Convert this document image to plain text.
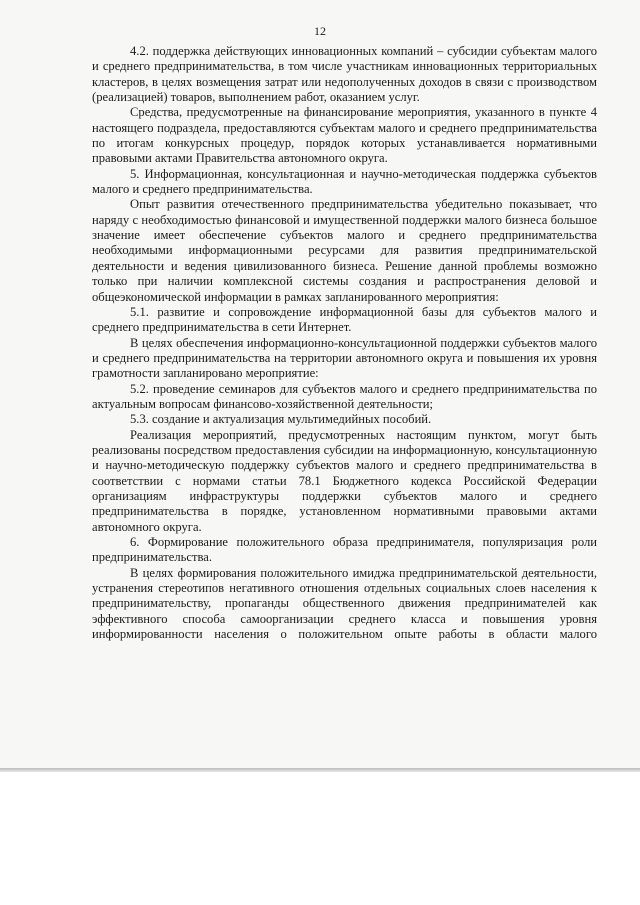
12

4.2. поддержка действующих инновационных компаний – субсидии субъектам малого и среднего предпринимательства, в том числе участникам инновационных территориальных кластеров, в целях возмещения затрат или недополученных доходов в связи с производством (реализацией) товаров, выполнением работ, оказанием услуг.

Средства, предусмотренные на финансирование мероприятия, указанного в пункте 4 настоящего подраздела, предоставляются субъектам малого и среднего предпринимательства по итогам конкурсных процедур, порядок которых устанавливается нормативными правовыми актами Правительства автономного округа.

5. Информационная, консультационная и научно-методическая поддержка субъектов малого и среднего предпринимательства.

Опыт развития отечественного предпринимательства убедительно показывает, что наряду с необходимостью финансовой и имущественной поддержки малого бизнеса большое значение имеет обеспечение субъектов малого и среднего предпринимательства необходимыми информационными ресурсами для развития предпринимательской деятельности и ведения цивилизованного бизнеса. Решение данной проблемы возможно только при наличии комплексной системы создания и распространения деловой и общеэкономической информации в рамках запланированного мероприятия:

5.1. развитие и сопровождение информационной базы для субъектов малого и среднего предпринимательства в сети Интернет.

В целях обеспечения информационно-консультационной поддержки субъектов малого и среднего предпринимательства на территории автономного округа и повышения их уровня грамотности запланировано мероприятие:

5.2. проведение семинаров для субъектов малого и среднего предпринимательства по актуальным вопросам финансово-хозяйственной деятельности;

5.3. создание и актуализация мультимедийных пособий.

Реализация мероприятий, предусмотренных настоящим пунктом, могут быть реализованы посредством предоставления субсидии на информационную, консультационную и научно-методическую поддержку субъектов малого и среднего предпринимательства в соответствии с нормами статьи 78.1 Бюджетного кодекса Российской Федерации организациям инфраструктуры поддержки субъектов малого и среднего предпринимательства в порядке, установленном нормативными правовыми актами автономного округа.

6. Формирование положительного образа предпринимателя, популяризация роли предпринимательства.

В целях формирования положительного имиджа предпринимательской деятельности, устранения стереотипов негативного отношения отдельных социальных слоев населения к предпринимательству, пропаганды общественного движения предпринимателей как эффективного способа самоорганизации среднего класса и повышения уровня информированности населения о положительном опыте работы в области малого
